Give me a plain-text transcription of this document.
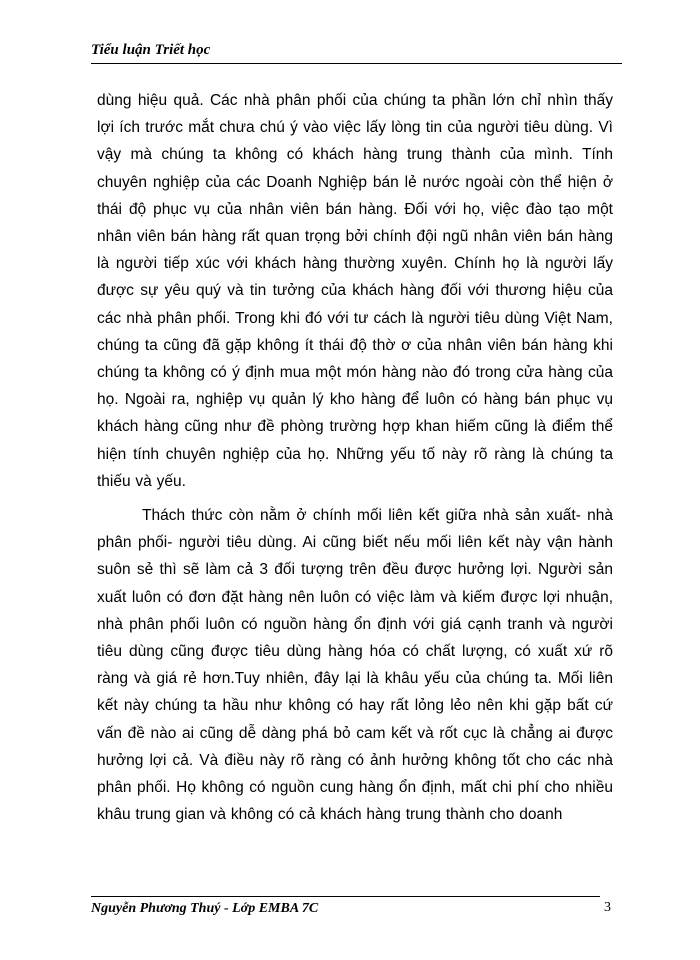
Tiểu luận Triết học

dùng hiệu quả. Các nhà phân phối của chúng ta phần lớn chỉ nhìn thấy lợi ích trước mắt chưa chú ý vào việc lấy lòng tin của người tiêu dùng. Vì vậy mà chúng ta không có khách hàng trung thành của mình. Tính chuyên nghiệp của các Doanh Nghiệp bán lẻ nước ngoài còn thể hiện ở thái độ phục vụ của nhân viên bán hàng. Đối với họ, việc đào tạo một nhân viên bán hàng rất quan trọng bởi chính đội ngũ nhân viên bán hàng là người tiếp xúc với khách hàng thường xuyên. Chính họ là người lấy được sự yêu quý và tin tưởng của khách hàng đối với thương hiệu của các nhà phân phối. Trong khi đó với tư cách là người tiêu dùng Việt Nam, chúng ta cũng đã gặp không ít thái độ thờ ơ của nhân viên bán hàng khi chúng ta không có ý định mua một món hàng nào đó trong cửa hàng của họ. Ngoài ra, nghiệp vụ quản lý kho hàng để luôn có hàng bán phục vụ khách hàng cũng như đề phòng trường hợp khan hiếm cũng là điểm thể hiện tính chuyên nghiệp của họ. Những yếu tố này rõ ràng là chúng ta thiếu và yếu.

Thách thức còn nằm ở chính mối liên kết giữa nhà sản xuất- nhà phân phối- người tiêu dùng. Ai cũng biết nếu mối liên kết này vận hành suôn sẻ thì sẽ làm cả 3 đối tượng trên đều được hưởng lợi. Người sản xuất luôn có đơn đặt hàng nên luôn có việc làm và kiếm được lợi nhuận, nhà phân phối luôn có nguồn hàng ổn định với giá cạnh tranh và người tiêu dùng cũng được tiêu dùng hàng hóa có chất lượng, có xuất xứ rõ ràng và giá rẻ hơn.Tuy nhiên, đây lại là khâu yếu của chúng ta. Mối liên kết này chúng ta hầu như không có hay rất lỏng lẻo nên khi gặp bất cứ vấn đề nào ai cũng dễ dàng phá bỏ cam kết và rốt cục là chẳng ai được hưởng lợi cả. Và điều này rõ ràng có ảnh hưởng không tốt cho các nhà phân phối. Họ không có nguồn cung hàng ổn định, mất chi phí cho nhiều khâu trung gian và không có cả khách hàng trung thành cho doanh

Nguyễn Phương Thuý - Lớp EMBA 7C	3
